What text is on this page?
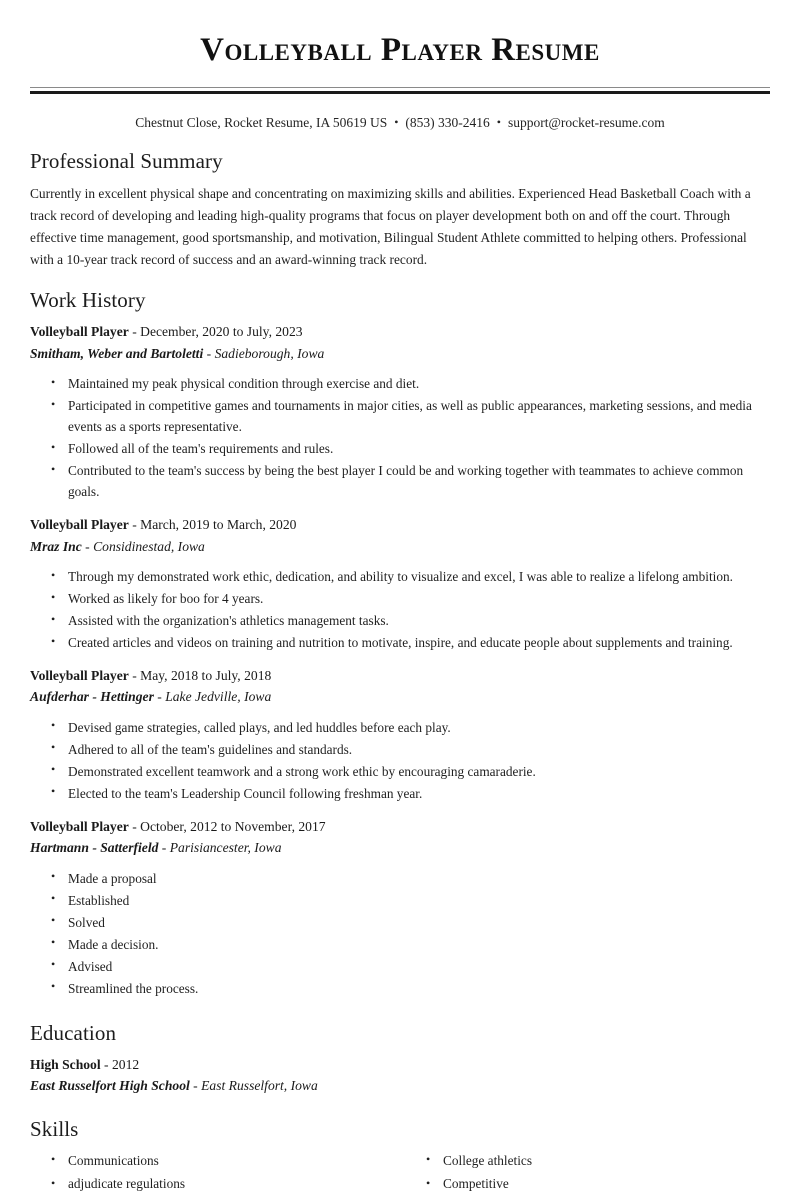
Volleyball Player Resume
Chestnut Close, Rocket Resume, IA 50619 US • (853) 330-2416 • support@rocket-resume.com
Professional Summary

Currently in excellent physical shape and concentrating on maximizing skills and abilities. Experienced Head Basketball Coach with a track record of developing and leading high-quality programs that focus on player development both on and off the court. Through effective time management, good sportsmanship, and motivation, Bilingual Student Athlete committed to helping others. Professional with a 10-year track record of success and an award-winning track record.

Work History
Volleyball Player - December, 2020 to July, 2023
Smitham, Weber and Bartoletti - Sadieborough, Iowa
• Maintained my peak physical condition through exercise and diet.
• Participated in competitive games and tournaments in major cities, as well as public appearances, marketing sessions, and media events as a sports representative.
• Followed all of the team's requirements and rules.
• Contributed to the team's success by being the best player I could be and working together with teammates to achieve common goals.
Volleyball Player - March, 2019 to March, 2020
Mraz Inc - Considinestad, Iowa
• Through my demonstrated work ethic, dedication, and ability to visualize and excel, I was able to realize a lifelong ambition.
• Worked as likely for boo for 4 years.
• Assisted with the organization's athletics management tasks.
• Created articles and videos on training and nutrition to motivate, inspire, and educate people about supplements and training.
Volleyball Player - May, 2018 to July, 2018
Aufderhar - Hettinger - Lake Jedville, Iowa
• Devised game strategies, called plays, and led huddles before each play.
• Adhered to all of the team's guidelines and standards.
• Demonstrated excellent teamwork and a strong work ethic by encouraging camaraderie.
• Elected to the team's Leadership Council following freshman year.
Volleyball Player - October, 2012 to November, 2017
Hartmann - Satterfield - Parisiancester, Iowa
• Made a proposal
• Established
• Solved
• Made a decision.
• Advised
• Streamlined the process.
Education
High School - 2012
East Russelfort High School - East Russelfort, Iowa
Skills
• Communications
• adjudicate regulations
• College athletics
• Competitive
